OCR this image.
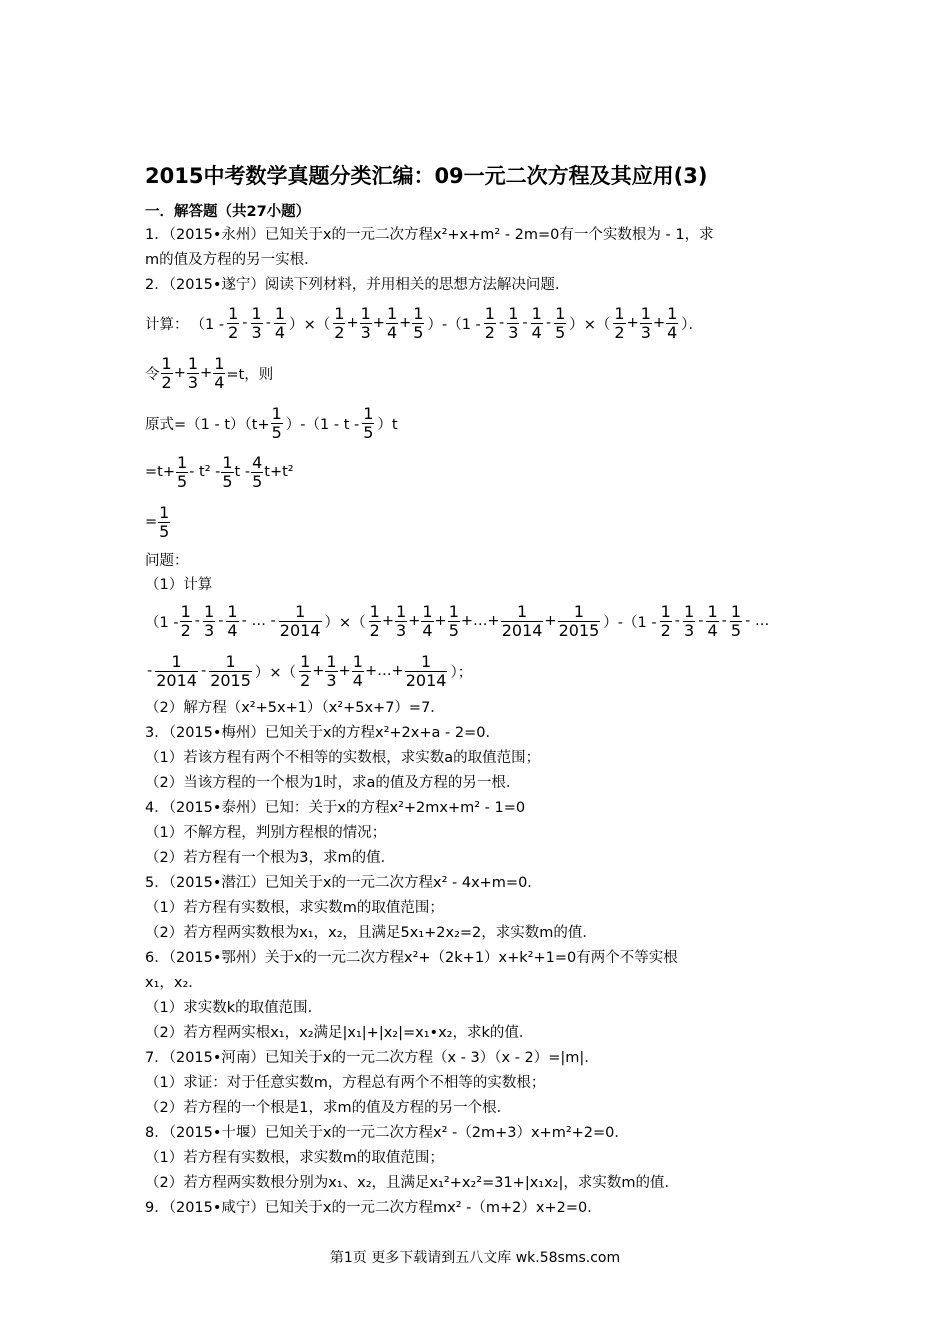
2015中考数学真题分类汇编：09一元二次方程及其应用(3)
一．解答题（共27小题）
1．（2015•永州）已知关于x的一元二次方程x²+x+m² - 2m=0有一个实数根为 - 1，求
m的值及方程的另一实根．
2．（2015•遂宁）阅读下列材料，并用相关的思想方法解决问题．
计算： （$1 - \frac{1}{2} - \frac{1}{3} - \frac{1}{4}$ ）×（ $\frac{1}{2} + \frac{1}{3} + \frac{1}{4} + \frac{1}{5} )-(1 - \frac{1}{2} - \frac{1}{3} - \frac{1}{4} - \frac{1}{5}$ ）×（ $\frac{1}{2} + \frac{1}{3} + \frac{1}{4}$ ）．
令 $\frac{1}{2} + \frac{1}{3} + \frac{1}{4} =t$，则
原式$=(1 - t)(t+ \frac{1}{5} )-(1 - t - \frac{1}{5} )t$
$=t+ \frac{1}{5} - t^2 - \frac{1}{5}$ $t - \frac{4}{5} t+t^2$
= $\frac{1}{5}$
问题：
（1）计算
（$1 - \frac{1}{2} - \frac{1}{3} - \frac{1}{4}$ - … - $\frac{1}{2014}$ ）×（ $\frac{1}{2} + \frac{1}{3} + \frac{1}{4} + \frac{1}{5}$ +…+ $\frac{1}{2014} + \frac{1}{2015} )-(1 - \frac{1}{2} - \frac{1}{3} - \frac{1}{4} - \frac{1}{5}$ - …
- $\frac{1}{2014} - \frac{1}{2015}$ ）×（ $\frac{1}{2} + \frac{1}{3} + \frac{1}{4}$ +…+ $\frac{1}{2014}$ ）；
（2）解方程（x²+5x+1）（x²+5x+7）=7．
3．（2015•梅州）已知关于x的方程x²+2x+a - 2=0．
（1）若该方程有两个不相等的实数根，求实数a的取值范围；
（2）当该方程的一个根为1时，求a的值及方程的另一根．
4．（2015•泰州）已知：关于x的方程x²+2mx+m² - 1=0
（1）不解方程，判别方程根的情况；
（2）若方程有一个根为3，求m的值．
5．（2015•潜江）已知关于x的一元二次方程x² - 4x+m=0．
（1）若方程有实数根，求实数m的取值范围；
（2）若方程两实数根为x₁，x₂，且满足5x₁+2x₂=2，求实数m的值．
6．（2015•鄂州）关于x的一元二次方程x²+（2k+1）x+k²+1=0有两个不等实根
x₁，x₂．
（1）求实数k的取值范围．
（2）若方程两实根x₁，x₂满足|x₁|+|x₂|=x₁•x₂，求k的值．
7．（2015•河南）已知关于x的一元二次方程（x - 3）（x - 2）=|m|．
（1）求证：对于任意实数m，方程总有两个不相等的实数根；
（2）若方程的一个根是1，求m的值及方程的另一个根．
8．（2015•十堰）已知关于x的一元二次方程x² -（2m+3）x+m²+2=0．
（1）若方程有实数根，求实数m的取值范围；
（2）若方程两实数根分别为x₁、x₂，且满足x₁²+x₂²=31+|x₁x₂|，求实数m的值．
9．（2015•咸宁）已知关于x的一元二次方程mx² -（m+2）x+2=0．
第1页 更多下载请到五八文库 wk.58sms.com
